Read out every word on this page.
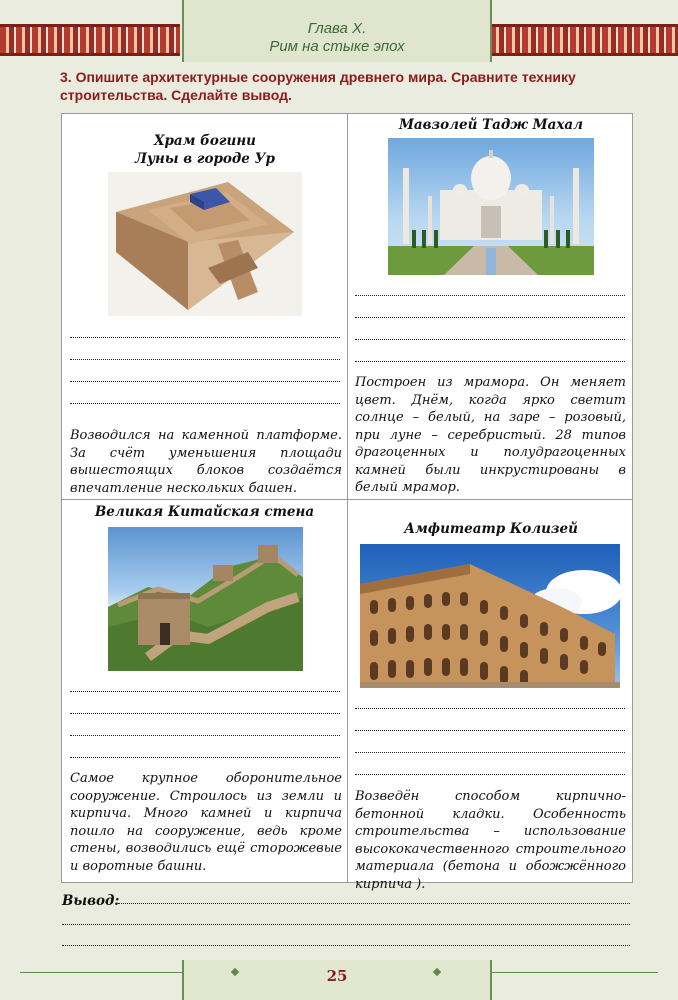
Глава X.
Рим на стыке эпох
3. Опишите архитектурные сооружения древнего мира. Сравните технику строительства. Сделайте вывод.
Храм богини Луны в городе Ур
Возводился на каменной платформе. За счёт уменьшения площади вышестоящих блоков создаётся впечатление нескольких башен.
Мавзолей Тадж Махал
Построен из мрамора. Он меняет цвет. Днём, когда ярко светит солнце – белый, на заре – розовый, при луне – серебристый. 28 типов драгоценных и полудрагоценных камней были инкрустированы в белый мрамор.
Великая Китайская стена
Самое крупное оборонительное сооружение. Строилось из земли и кирпича. Много камней и кирпича пошло на сооружение, ведь кроме стены, возводились ещё сторожевые и воротные башни.
Амфитеатр Колизей
Возведён способом кирпично-бетонной кладки. Особенность строительства – использование высококачественного строительного материала (бетона и обожжённого кирпича ).
Вывод:
25
